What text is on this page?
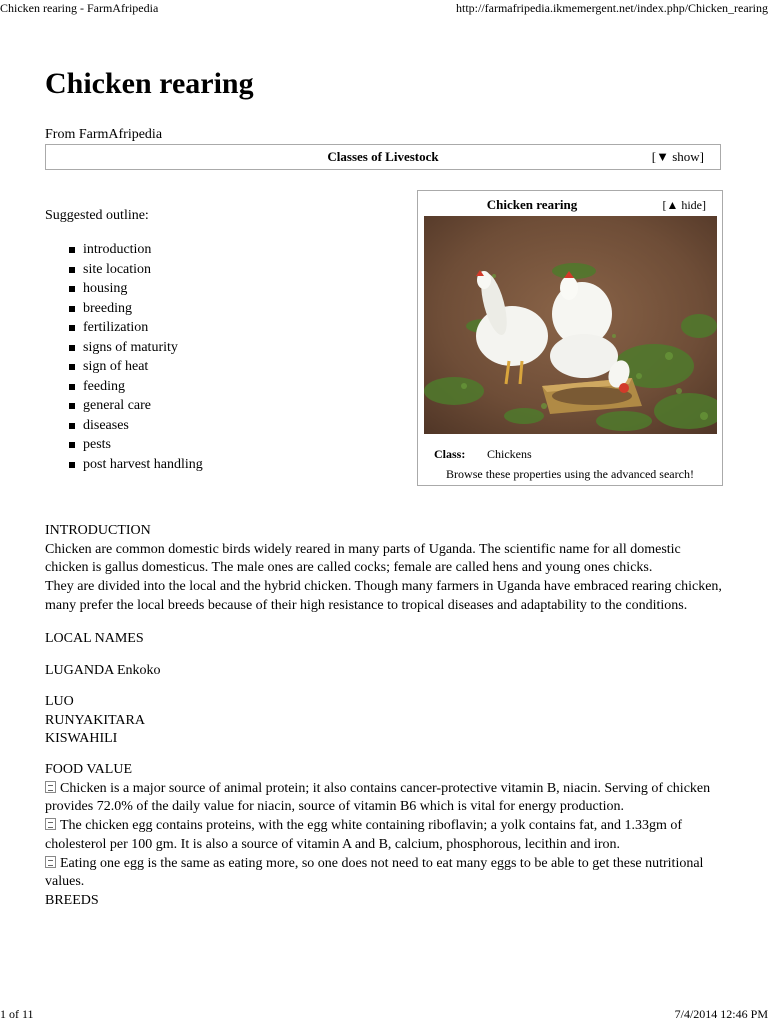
Chicken rearing - FarmAfripedia	http://farmafripedia.ikmemergent.net/index.php/Chicken_rearing
Chicken rearing
From FarmAfripedia
Classes of Livestock	[▼ show]
Suggested outline:
introduction
site location
housing
breeding
fertilization
signs of maturity
sign of heat
feeding
general care
diseases
pests
post harvest handling
Chicken rearing	[▲ hide]
Class: Chickens
Browse these properties using the advanced search!

INTRODUCTION

Chicken are common domestic birds widely reared in many parts of Uganda. The scientific name for all domestic chicken is gallus domesticus. The male ones are called cocks; female are called hens and young ones chicks.

They are divided into the local and the hybrid chicken. Though many farmers in Uganda have embraced rearing chicken, many prefer the local breeds because of their high resistance to tropical diseases and adaptability to the conditions.

LOCAL NAMES

LUGANDA Enkoko

LUO

RUNYAKITARA

KISWAHILI

FOOD VALUE

Chicken is a major source of animal protein; it also contains cancer-protective vitamin B, niacin. Serving of chicken provides 72.0% of the daily value for niacin, source of vitamin B6 which is vital for energy production.

The chicken egg contains proteins, with the egg white containing riboflavin; a yolk contains fat, and 1.33gm of cholesterol per 100 gm. It is also a source of vitamin A and B, calcium, phosphorous, lecithin and iron.

Eating one egg is the same as eating more, so one does not need to eat many eggs to be able to get these nutritional values.

BREEDS

1 of 11	7/4/2014 12:46 PM
